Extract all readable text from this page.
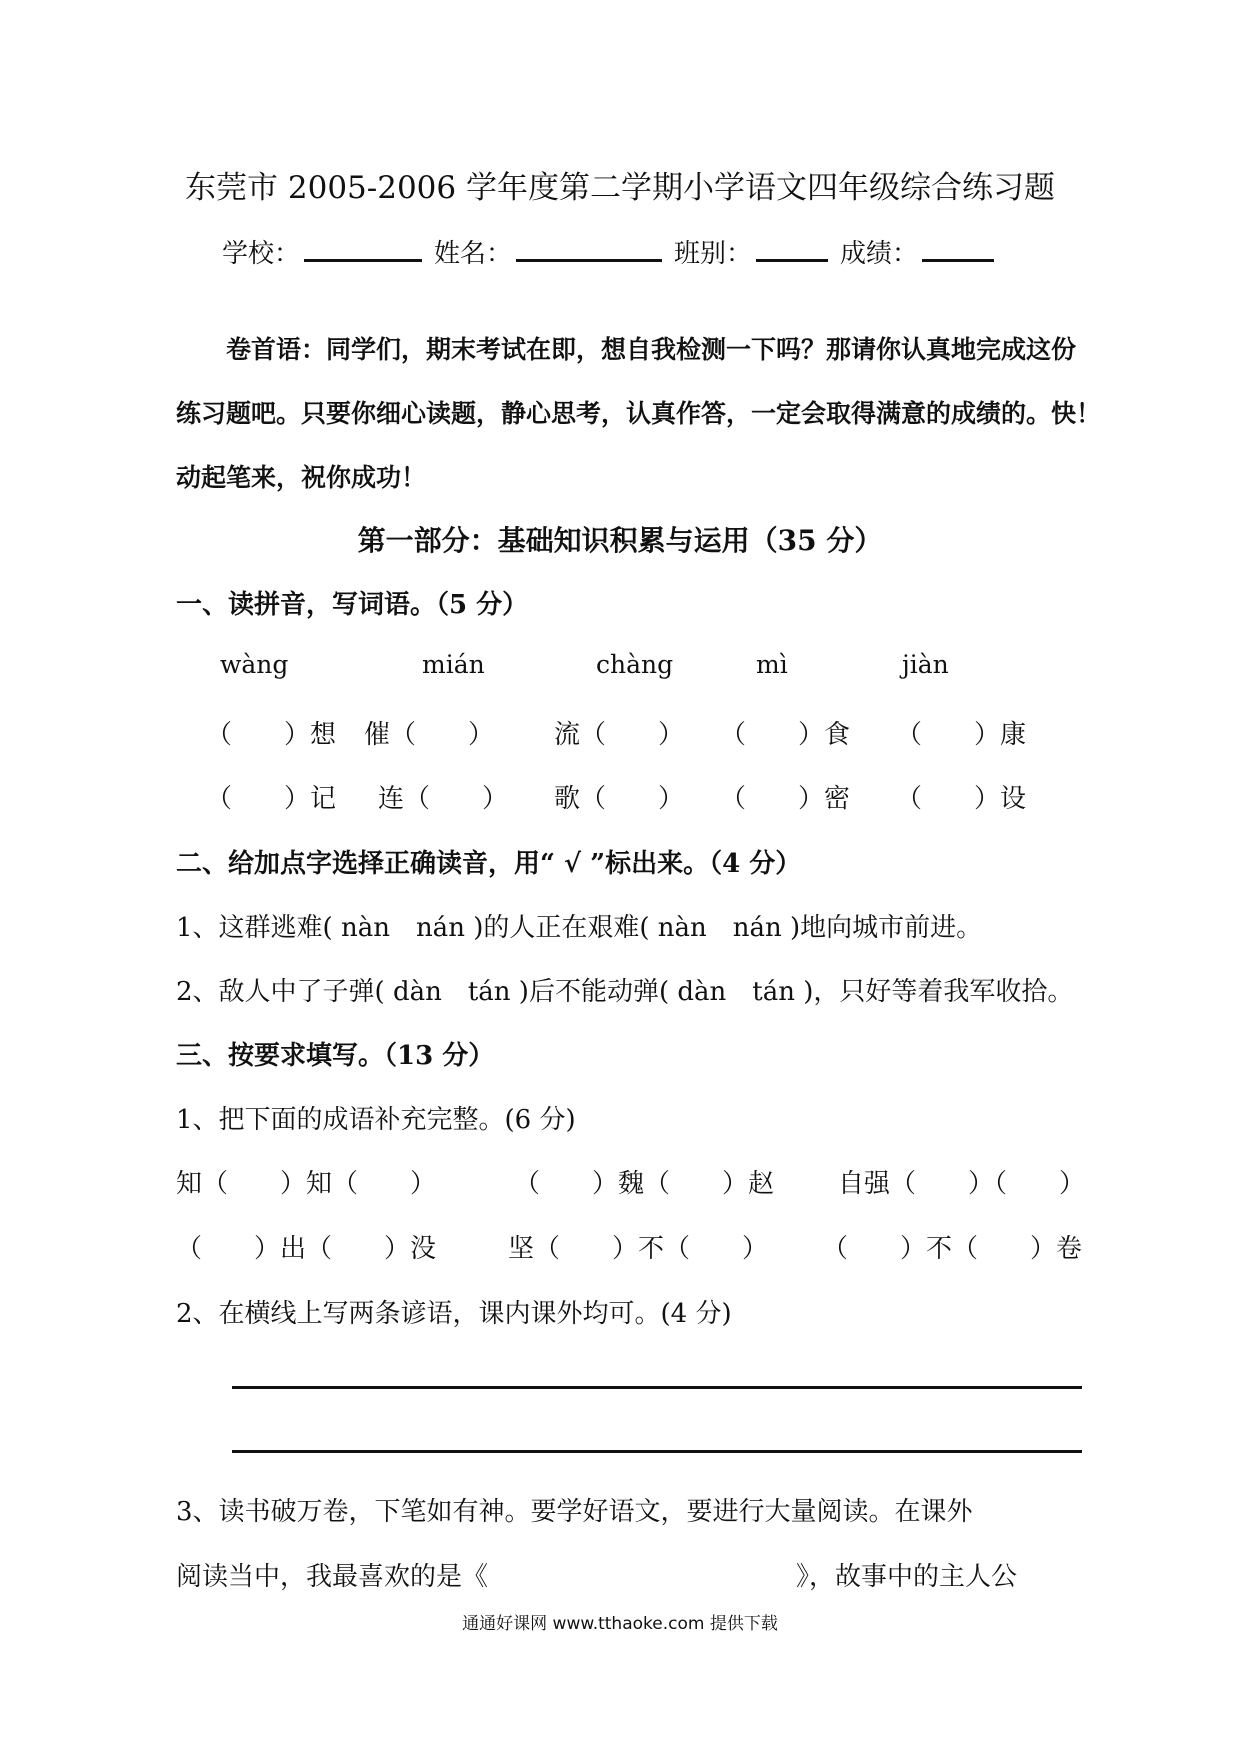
东莞市 2005-2006 学年度第二学期小学语文四年级综合练习题
学校：	姓名：	班别：	成绩：
卷首语：同学们，期末考试在即，想自我检测一下吗？那请你认真地完成这份
练习题吧。只要你细心读题，静心思考，认真作答，一定会取得满意的成绩的。快！
动起笔来，祝你成功！
第一部分：基础知识积累与运用（35 分）
一、读拼音，写词语。（5 分）
wàng	mián	chàng	mì	jiàn
（　　）想 催（　　） 流（　　） （　　）食 （　　）康
（　　）记 连（　　） 歌（　　） （　　）密 （　　）设
二、给加点字选择正确读音，用“ √ ”标出来。（4 分）
1、这群逃难( nàn　nán )的人正在艰难( nàn　nán )地向城市前进。
2、敌人中了子弹( dàn　tán )后不能动弹( dàn　tán )，只好等着我军收拾。
三、按要求填写。（13 分）
1、把下面的成语补充完整。(6 分)
知（　　）知（　　）	（　　）魏（　　）赵 自强（　　）（　　）
（　　）出（　　）没	坚（　　）不（　　） （　　）不（　　）卷
2、在横线上写两条谚语，课内课外均可。(4 分)
3、读书破万卷，下笔如有神。要学好语文，要进行大量阅读。在课外
阅读当中，我最喜欢的是《	》，故事中的主人公
通通好课网 www.tthaoke.com 提供下载
